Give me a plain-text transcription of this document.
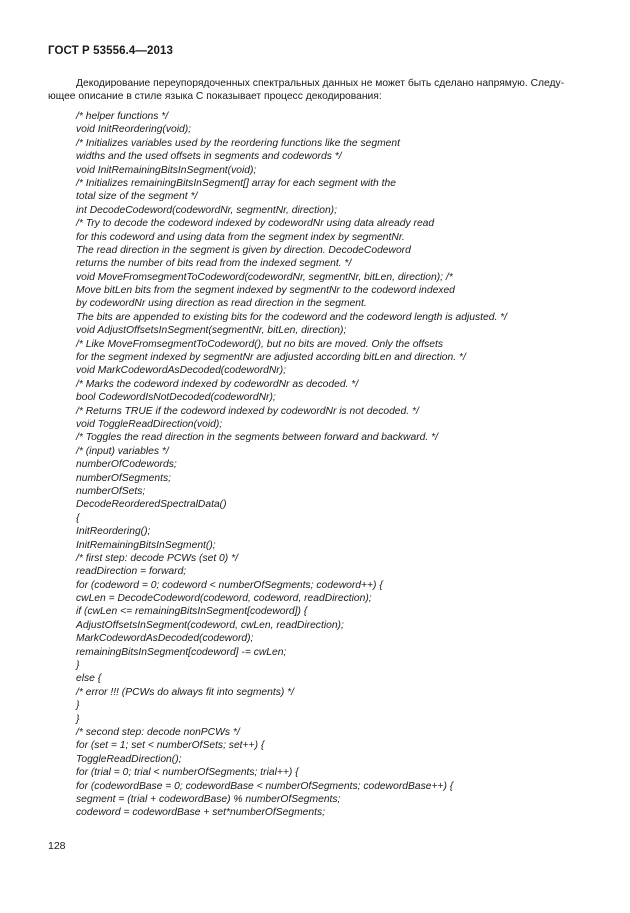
ГОСТ Р 53556.4—2013
Декодирование переупорядоченных спектральных данных не может быть сделано напрямую. Следу-
ющее описание в стиле языка C показывает процесс декодирования:
/* helper functions */
void InitReordering(void);
/* Initializes variables used by the reordering functions like the segment
widths and the used offsets in segments and codewords */
void InitRemainingBitsInSegment(void);
/* Initializes remainingBitsInSegment[] array for each segment with the
total size of the segment */
int DecodeCodeword(codewordNr, segmentNr, direction);
/* Try to decode the codeword indexed by codewordNr using data already read
for this codeword and using data from the segment index by segmentNr.
The read direction in the segment is given by direction. DecodeCodeword
returns the number of bits read from the indexed segment. */
void MoveFromsegmentToCodeword(codewordNr, segmentNr, bitLen, direction); /*
Move bitLen bits from the segment indexed by segmentNr to the codeword indexed
by codewordNr using direction as read direction in the segment.
The bits are appended to existing bits for the codeword and the codeword length is adjusted. */
void AdjustOffsetsInSegment(segmentNr, bitLen, direction);
/* Like MoveFromsegmentToCodeword(), but no bits are moved. Only the offsets
for the segment indexed by segmentNr are adjusted according bitLen and direction. */
void MarkCodewordAsDecoded(codewordNr);
/* Marks the codeword indexed by codewordNr as decoded. */
bool CodewordIsNotDecoded(codewordNr);
/* Returns TRUE if the codeword indexed by codewordNr is not decoded. */
void ToggleReadDirection(void);
/* Toggles the read direction in the segments between forward and backward. */
/* (input) variables */
numberOfCodewords;
numberOfSegments;
numberOfSets;
DecodeReorderedSpectralData()
{
InitReordering();
InitRemainingBitsInSegment();
/* first step: decode PCWs (set 0) */
readDirection = forward;
for (codeword = 0; codeword < numberOfSegments; codeword++) {
cwLen = DecodeCodeword(codeword, codeword, readDirection);
if (cwLen <= remainingBitsInSegment[codeword]) {
AdjustOffsetsInSegment(codeword, cwLen, readDirection);
MarkCodewordAsDecoded(codeword);
remainingBitsInSegment[codeword] -= cwLen;
}
else {
/* error !!! (PCWs do always fit into segments) */
}
}
/* second step: decode nonPCWs */
for (set = 1; set < numberOfSets; set++) {
ToggleReadDirection();
for (trial = 0; trial < numberOfSegments; trial++) {
for (codewordBase = 0; codewordBase < numberOfSegments; codewordBase++) {
segment = (trial + codewordBase) % numberOfSegments;
codeword = codewordBase + set*numberOfSegments;
128
